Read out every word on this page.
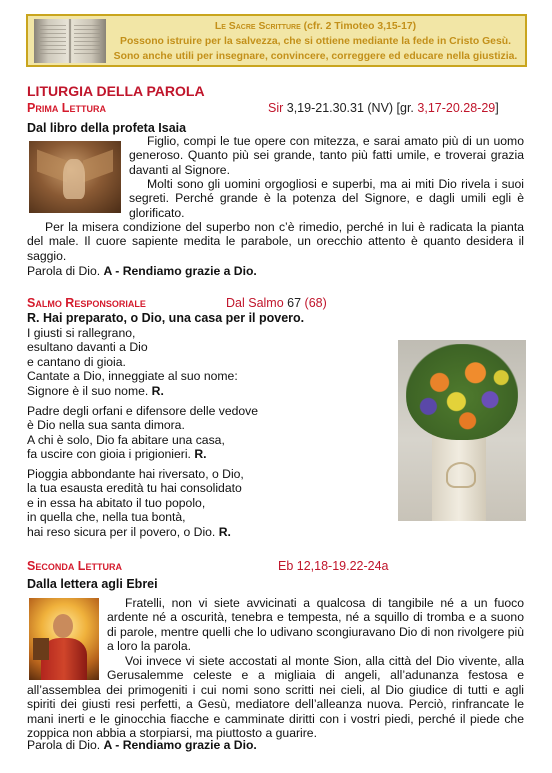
Le Sacre Scritture (cfr. 2 Timoteo 3,15-17)
Possono istruire per la salvezza, che si ottiene mediante la fede in Cristo Gesù.
Sono anche utili per insegnare, convincere, correggere ed educare nella giustizia.
LITURGIA DELLA PAROLA
Prima Lettura	Sir 3,19-21.30.31 (NV) [gr. 3,17-20.28-29]
Dal libro della profeta Isaia
Figlio, compi le tue opere con mitezza, e sarai amato più di un uomo generoso. Quanto più sei grande, tanto più fatti umile, e troverai grazia davanti al Signore.
Molti sono gli uomini orgogliosi e superbi, ma ai miti Dio rivela i suoi segreti. Perché grande è la potenza del Signore, e dagli umili egli è glorificato.
Per la misera condizione del superbo non c’è rimedio, perché in lui è radicata la pianta del male. Il cuore sapiente medita le parabole, un orecchio attento è quanto desidera il saggio.
Parola di Dio. A - Rendiamo grazie a Dio.
Salmo Responsoriale	Dal Salmo 67 (68)
R. Hai preparato, o Dio, una casa per il povero.
I giusti si rallegrano,
esultano davanti a Dio
e cantano di gioia.
Cantate a Dio, inneggiate al suo nome:
Signore è il suo nome. R.
Padre degli orfani e difensore delle vedove
è Dio nella sua santa dimora.
A chi è solo, Dio fa abitare una casa,
fa uscire con gioia i prigionieri. R.
Pioggia abbondante hai riversato, o Dio,
la tua esausta eredità tu hai consolidato
e in essa ha abitato il tuo popolo,
in quella che, nella tua bontà,
hai reso sicura per il povero, o Dio. R.
Seconda Lettura	Eb 12,18-19.22-24a
Dalla lettera agli Ebrei
Fratelli, non vi siete avvicinati a qualcosa di tangibile né a un fuoco ardente né a oscurità, tenebra e tempesta, né a squillo di tromba e a suono di parole, mentre quelli che lo udivano scongiuravano Dio di non rivolgere più a loro la parola.
Voi invece vi siete accostati al monte Sion, alla città del Dio vivente, alla Gerusalemme celeste e a migliaia di angeli, all’adunanza festosa e
all’assemblea dei primogeniti i cui nomi sono scritti nei cieli, al Dio giudice di tutti e agli spiriti dei giusti resi perfetti, a Gesù, mediatore dell’alleanza nuova. Perciò, rinfrancate le mani inerti e le ginocchia fiacche e camminate diritti con i vostri piedi, perché il piede che zoppica non abbia a storpiarsi, ma piuttosto a guarire.
Parola di Dio. A - Rendiamo grazie a Dio.
